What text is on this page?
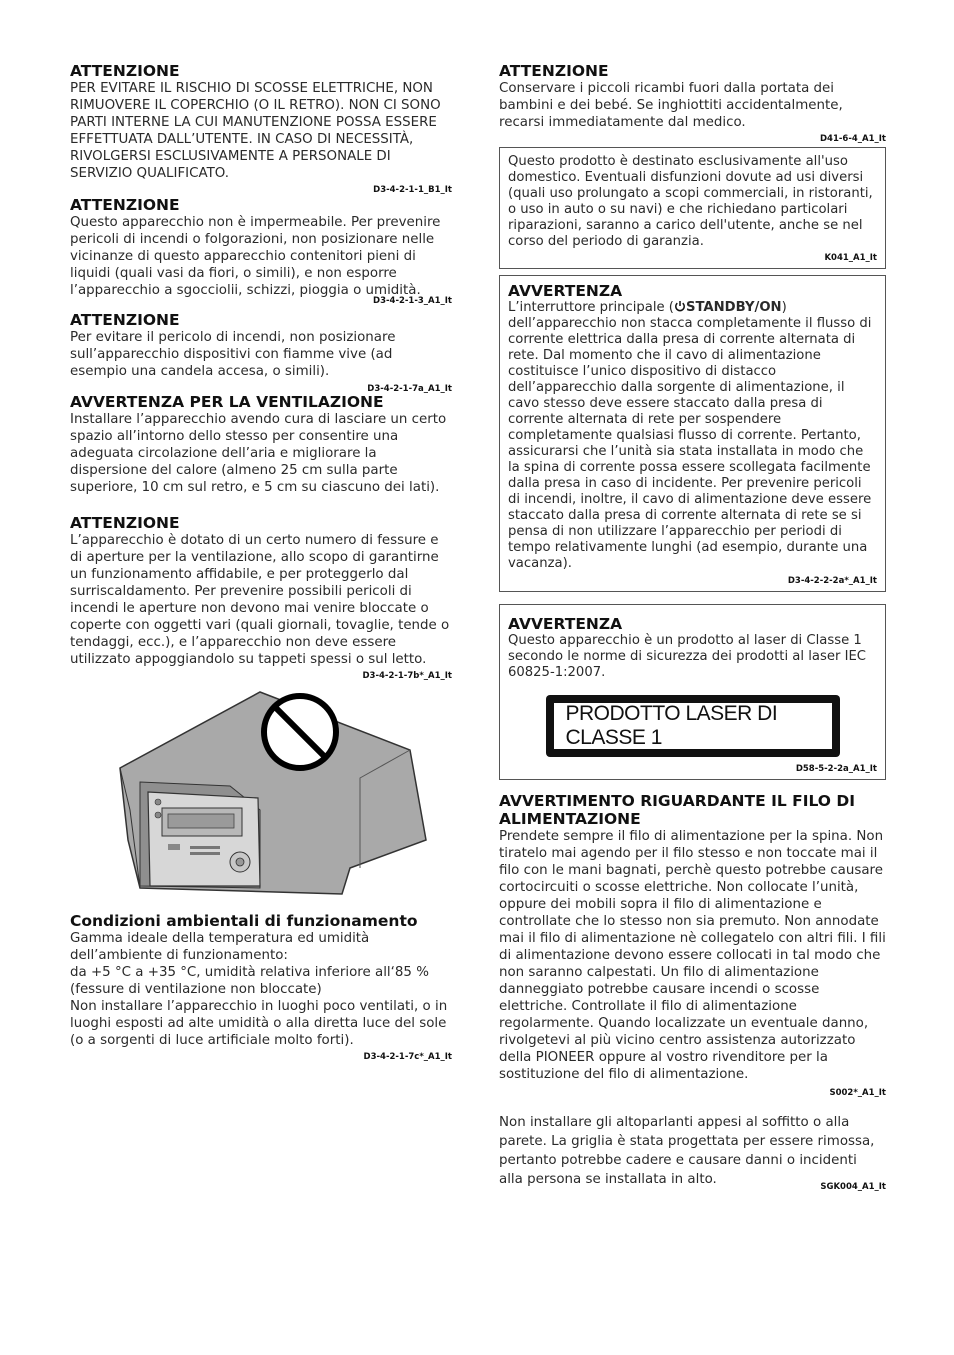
ATTENZIONE

PER EVITARE IL RISCHIO DI SCOSSE ELETTRICHE, NON RIMUOVERE IL COPERCHIO (O IL RETRO). NON CI SONO PARTI INTERNE LA CUI MANUTENZIONE POSSA ESSERE EFFETTUATA DALL’UTENTE. IN CASO DI NECESSITÀ, RIVOLGERSI ESCLUSIVAMENTE A PERSONALE DI SERVIZIO QUALIFICATO.

D3-4-2-1-1_B1_It
ATTENZIONE

Questo apparecchio non è impermeabile. Per prevenire pericoli di incendi o folgorazioni, non posizionare nelle vicinanze di questo apparecchio contenitori pieni di liquidi (quali vasi da fiori, o simili), e non esporre l’apparecchio a sgocciolii, schizzi, pioggia o umidità.

D3-4-2-1-3_A1_It
ATTENZIONE

Per evitare il pericolo di incendi, non posizionare sull’apparecchio dispositivi con fiamme vive (ad esempio una candela accesa, o simili).

D3-4-2-1-7a_A1_It
AVVERTENZA PER LA VENTILAZIONE

Installare l’apparecchio avendo cura di lasciare un certo spazio all’intorno dello stesso per consentire una adeguata circolazione dell’aria e migliorare la dispersione del calore (almeno 25 cm sulla parte superiore, 10 cm sul retro, e 5 cm su ciascuno dei lati).

ATTENZIONE

L’apparecchio è dotato di un certo numero di fessure e di aperture per la ventilazione, allo scopo di garantirne un funzionamento affidabile, e per proteggerlo dal surriscaldamento. Per prevenire possibili pericoli di incendi le aperture non devono mai venire bloccate o coperte con oggetti vari (quali giornali, tovaglie, tende o tendaggi, ecc.), e l’apparecchio non deve essere utilizzato appoggiandolo su tappeti spessi o sul letto.

D3-4-2-1-7b*_A1_It
Condizioni ambientali di funzionamento

Gamma ideale della temperatura ed umidità dell’ambiente di funzionamento:

da +5 °C a +35 °C, umidità relativa inferiore all‘85 % (fessure di ventilazione non bloccate)

Non installare l’apparecchio in luoghi poco ventilati, o in luoghi esposti ad alte umidità o alla diretta luce del sole (o a sorgenti di luce artificiale molto forti).

D3-4-2-1-7c*_A1_It
ATTENZIONE

Conservare i piccoli ricambi fuori dalla portata dei bambini e dei bebé. Se inghiottiti accidentalmente, recarsi immediatamente dal medico.

D41-6-4_A1_It

Questo prodotto è destinato esclusivamente all'uso domestico. Eventuali disfunzioni dovute ad usi diversi (quali uso prolungato a scopi commerciali, in ristoranti, o uso in auto o su navi) e che richiedano particolari riparazioni, saranno a carico dell'utente, anche se nel corso del periodo di garanzia.

K041_A1_It
AVVERTENZA

L’interruttore principale ( STANDBY/ON) dell’apparecchio non stacca completamente il flusso di corrente elettrica dalla presa di corrente alternata di rete. Dal momento che il cavo di alimentazione costituisce l’unico dispositivo di distacco dell’apparecchio dalla sorgente di alimentazione, il cavo stesso deve essere staccato dalla presa di corrente alternata di rete per sospendere completamente qualsiasi flusso di corrente. Pertanto, assicurarsi che l’unità sia stata installata in modo che la spina di corrente possa essere scollegata facilmente dalla presa in caso di incidente. Per prevenire pericoli di incendi, inoltre, il cavo di alimentazione deve essere staccato dalla presa di corrente alternata di rete se si pensa di non utilizzare l’apparecchio per periodi di tempo relativamente lunghi (ad esempio, durante una vacanza).

D3-4-2-2-2a*_A1_It
AVVERTENZA

Questo apparecchio è un prodotto al laser di Classe 1 secondo le norme di sicurezza dei prodotti al laser IEC 60825-1:2007.

PRODOTTO LASER DI CLASSE 1
D58-5-2-2a_A1_It
AVVERTIMENTO RIGUARDANTE IL FILO DI ALIMENTAZIONE

Prendete sempre il filo di alimentazione per la spina. Non tiratelo mai agendo per il filo stesso e non toccate mai il filo con le mani bagnati, perchè questo potrebbe causare cortocircuiti o scosse elettriche. Non collocate l’unità, oppure dei mobili sopra il filo di alimentazione e controllate che lo stesso non sia premuto. Non annodate mai il filo di alimentazione nè collegatelo con altri fili. I fili di alimentazione devono essere collocati in tal modo che non saranno calpestati. Un filo di alimentazione danneggiato potrebbe causare incendi o scosse elettriche. Controllate il filo di alimentazione regolarmente. Quando localizzate un eventuale danno, rivolgetevi al più vicino centro assistenza autorizzato della PIONEER oppure al vostro rivenditore per la sostituzione del filo di alimentazione.

S002*_A1_It

Non installare gli altoparlanti appesi al soffitto o alla parete. La griglia è stata progettata per essere rimossa, pertanto potrebbe cadere e causare danni o incidenti alla persona se installata in alto.	SGK004_A1_It
